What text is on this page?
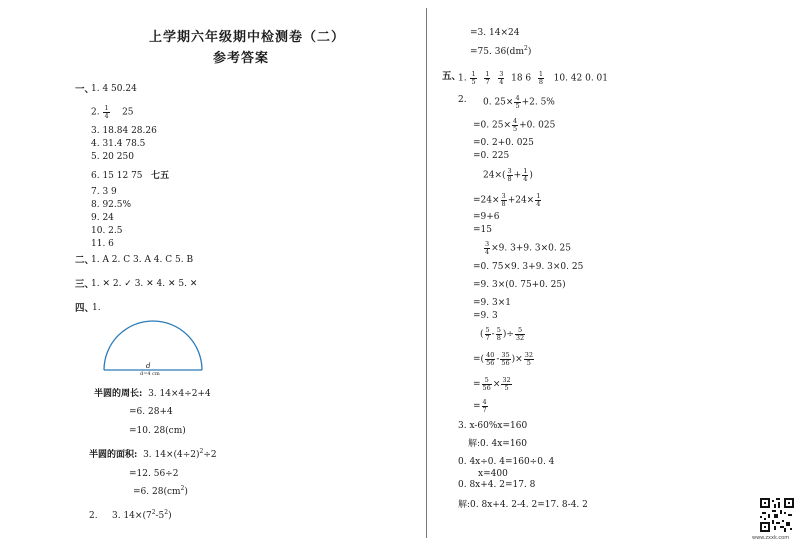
上学期六年级期中检测卷（二）
参考答案
一、
1. 4 50.24
2. $\frac{1}{4} 25$
3. 18.84 28.26
4. 31.4 78.5
5. 20 250
6. 15 12 75 七五
7. 3 9
8. 92.5%
9. 24
10. 2.5
11. 6
二、
1. A 2. C 3. A 4. C 5. B
三、
1. ✕ 2. ✓ 3. ✕ 4. ✕ 5. ✕
四、
1.
d
d=4 cm
半圆的周长: 3. 14×4÷2+4
=6. 28+4
=10. 28(cm)
半圆的面积: 3. $14\times(4\div 2)^2\div 2$
=12. 56÷2
=6. $28(cm^2)$
2. 3. $14\times(7^2-5^2)$
=3. 14×24
=75. $36(dm^2)$
五、
1. $\frac{1}{5}$
$\frac{1}{7}$
$\frac{3}{4} 18$ $6 \frac{1}{8} 10$. 42 0. 01
2. 0. $25\times \frac{4}{5} +2$. 5%
=0. $25\times \frac{4}{5} +0$. 025
=0. 2+0. 025
=0. 225
$24\times( \frac{3}{8} + \frac{1}{4}$ )
$=24\times \frac{3}{8} +24\times \frac{1}{4}$
=9+6
=15
$\frac{3}{4} \times 9$. 3+9. 3×0. 25
=0. 75×9. 3+9. 3×0. 25
=9. 3×(0. 75+0. 25)
=9. 3×1
=9. 3
( $\frac{5}{7} - \frac{5}{8}$ )÷ $\frac{5}{32}$
=( $\frac{40}{56} - \frac{35}{56}$ )× $\frac{32}{5}$
= $\frac{5}{56} \times \frac{32}{5}$
= $\frac{4}{7}$
3. x-60%x=160
解:0. 4x=160
0. 4x÷0. 4=160÷0. 4
x=400
0. 8x+4. 2=17. 8
解:0. 8x+4. 2-4. 2=17. 8-4. 2
www.zxxk.com
